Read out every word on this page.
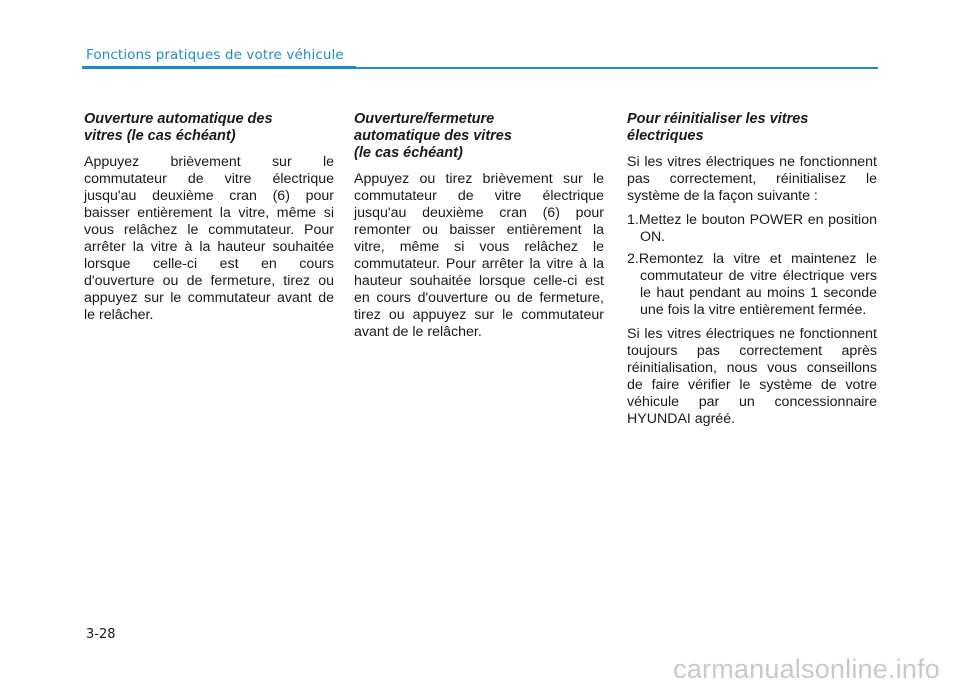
Fonctions pratiques de votre véhicule
Ouverture automatique des vitres (le cas échéant)

Appuyez brièvement sur le commutateur de vitre électrique jusqu'au deuxième cran (6) pour baisser entièrement la vitre, même si vous relâchez le commutateur. Pour arrêter la vitre à la hauteur souhaitée lorsque celle-ci est en cours d'ouverture ou de fermeture, tirez ou appuyez sur le commutateur avant de le relâcher.

Ouverture/fermeture
automatique des vitres
(le cas échéant)

Appuyez ou tirez brièvement sur le commutateur de vitre électrique jusqu'au deuxième cran (6) pour remonter ou baisser entièrement la vitre, même si vous relâchez le commutateur. Pour arrêter la vitre à la hauteur souhaitée lorsque celle-ci est en cours d'ouverture ou de fermeture, tirez ou appuyez sur le commutateur avant de le relâcher.

Pour réinitialiser les vitres électriques

Si les vitres électriques ne fonctionnent pas correctement, réinitialisez le système de la façon suivante :

1.Mettez le bouton POWER en position ON.
2.Remontez la vitre et maintenez le commutateur de vitre électrique vers le haut pendant au moins 1 seconde une fois la vitre entièrement fermée.

Si les vitres électriques ne fonctionnent toujours pas correctement après réinitialisation, nous vous conseillons de faire vérifier le système de votre véhicule par un concessionnaire HYUNDAI agréé.

3-28
carmanualsonline.info
